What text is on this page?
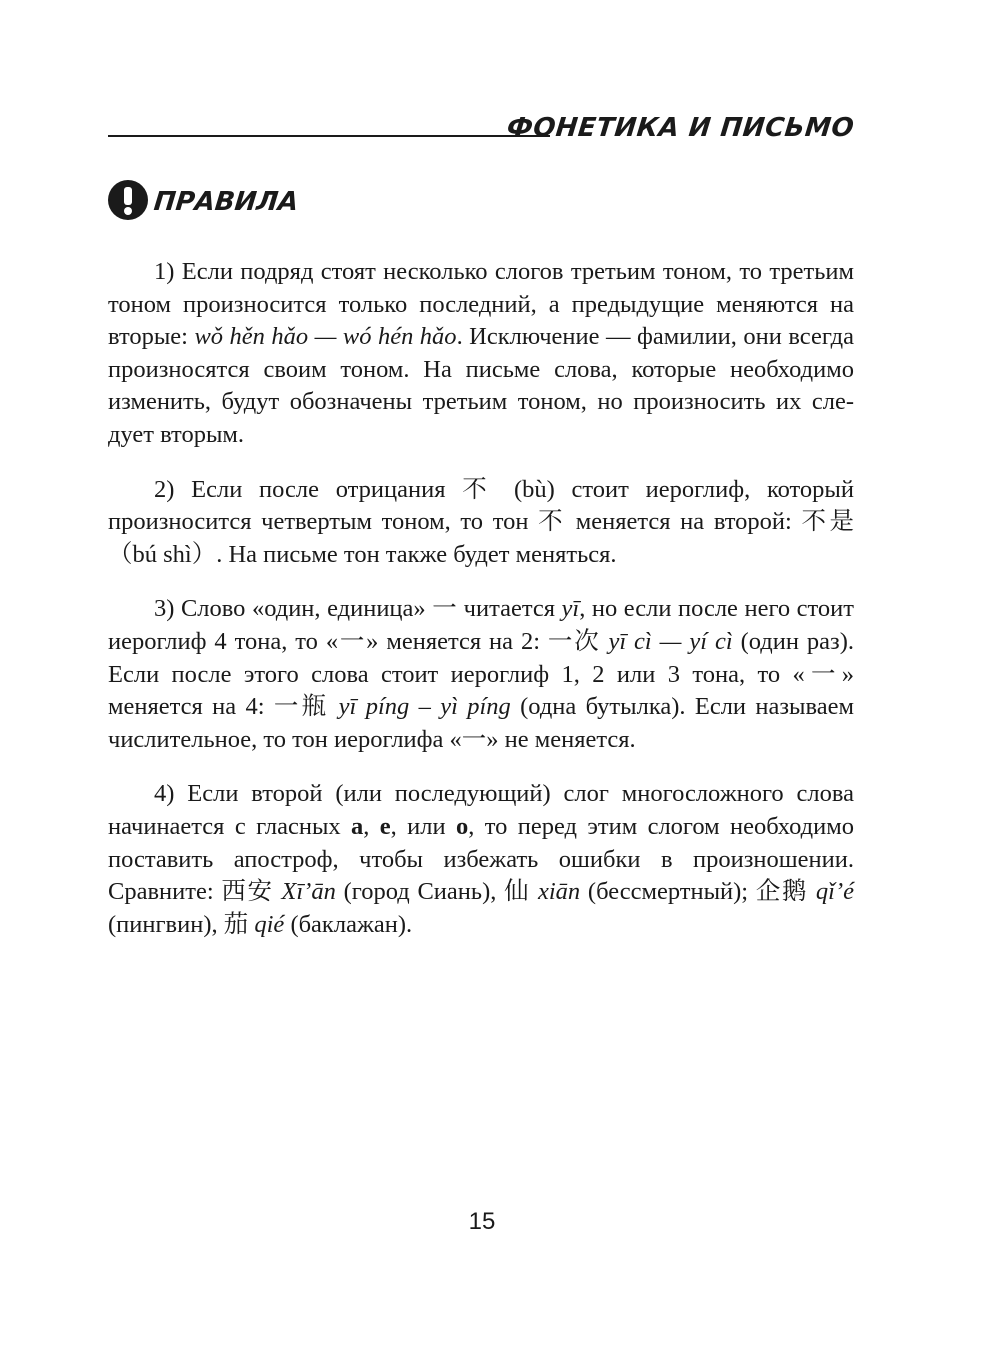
ФОНЕТИКА И ПИСЬМО
ПРАВИЛА

1) Если подряд стоят несколько слогов третьим тоном, то третьим тоном произносится только последний, а предыдущие меняются на вторые: wǒ hěn hǎo — wó hén hǎo. Исключение — фамилии, они всегда произносятся своим тоном. На письме слова, которые необходимо изменить, будут обозначены третьим тоном, но произносить их следует вторым.

2) Если после отрицания 不 (bù) стоит иероглиф, который произносится четвертым тоном, то тон 不 меняется на второй: 不是（bú shì）. На письме тон также будет меняться.

3) Слово «один, единица» 一 читается yī, но если после него стоит иероглиф 4 тона, то «一» меняется на 2: 一次 yī cì — yí cì (один раз). Если после этого слова стоит иероглиф 1, 2 или 3 тона, то «一» меняется на 4: 一瓶 yī píng – yì píng (одна бутылка). Если называем числительное, то тон иероглифа «一» не меняется.

4) Если второй (или последующий) слог многосложного слова начинается с гласных a, e, или o, то перед этим слогом необходимо поставить апостроф, чтобы избежать ошибки в произношении. Сравните: 西安 Xī’ān (город Сиань), 仙 xiān (бессмертный); 企鹅 qǐ’é (пингвин), 茄 qié (баклажан).

15
